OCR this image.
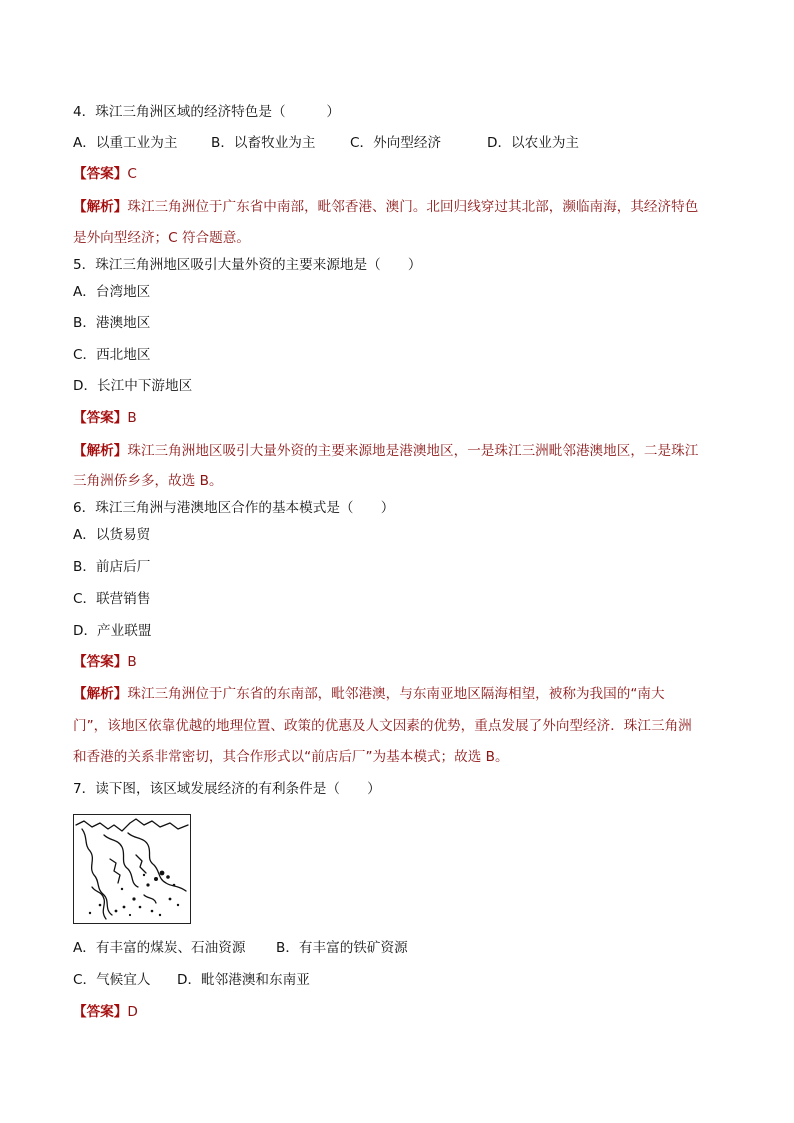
4．珠江三角洲区域的经济特色是（　　　）
A．以重工业为主 B．以畜牧业为主	C．外向型经济	D．以农业为主
【答案】C
【解析】珠江三角洲位于广东省中南部，毗邻香港、澳门。北回归线穿过其北部，濒临南海，其经济特色
是外向型经济；C 符合题意。
5．珠江三角洲地区吸引大量外资的主要来源地是（　　）
A．台湾地区
B．港澳地区
C．西北地区
D．长江中下游地区
【答案】B
【解析】珠江三角洲地区吸引大量外资的主要来源地是港澳地区，一是珠江三洲毗邻港澳地区，二是珠江
三角洲侨乡多，故选 B。
6．珠江三角洲与港澳地区合作的基本模式是（　　）
A．以货易贸
B．前店后厂
C．联营销售
D．产业联盟
【答案】B
【解析】珠江三角洲位于广东省的东南部，毗邻港澳，与东南亚地区隔海相望，被称为我国的“南大
门”，该地区依靠优越的地理位置、政策的优惠及人文因素的优势，重点发展了外向型经济．珠江三角洲
和香港的关系非常密切，其合作形式以“前店后厂”为基本模式；故选 B。
7．读下图，该区域发展经济的有利条件是（　　）
A．有丰富的煤炭、石油资源 B．有丰富的铁矿资源
C．气候宜人 D．毗邻港澳和东南亚
【答案】D
